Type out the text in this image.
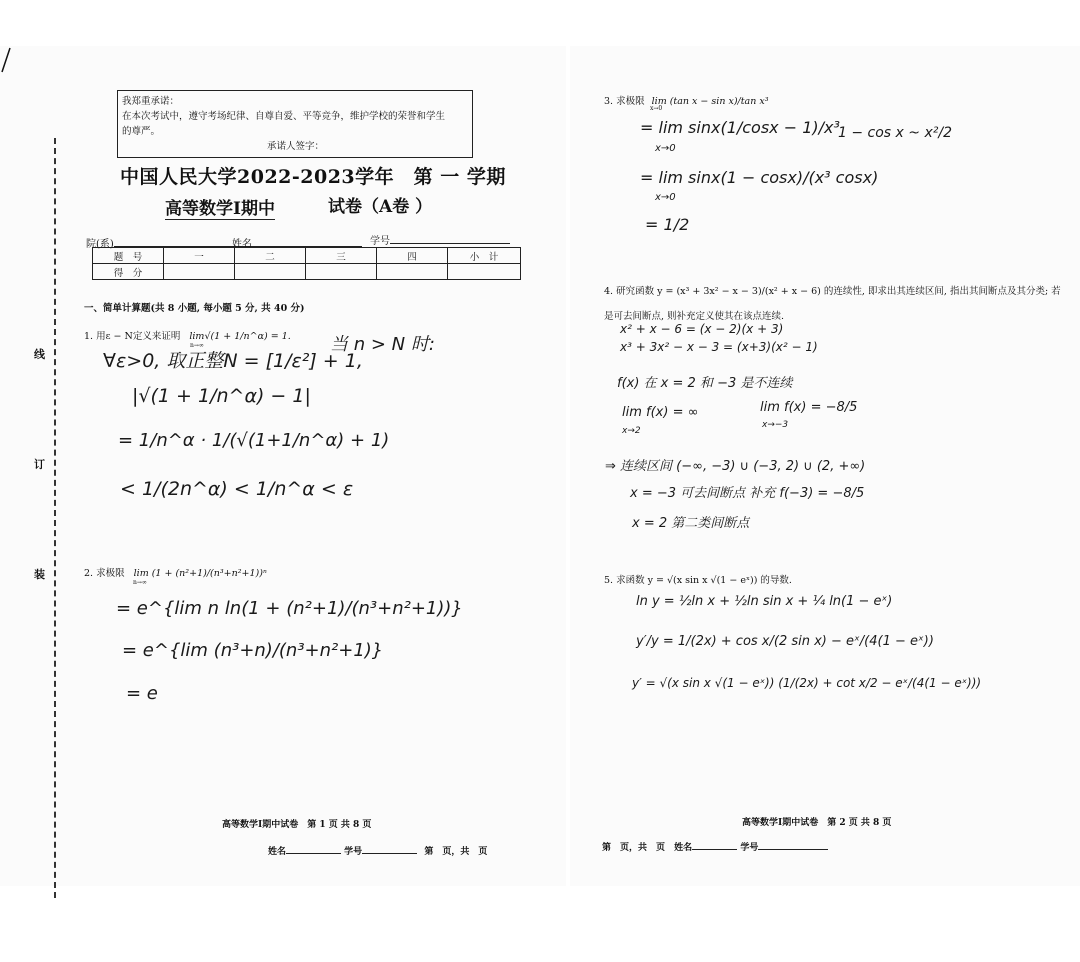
线
订
装
我郑重承诺：
在本次考试中，遵守考场纪律、自尊自爱、平等竞争，维护学校的荣誉和学生
的尊严。
承诺人签字：
中国人民大学2022-2023学年　第 一 学期
高等数学I期中	试卷（A卷 ）
院(系)	姓名	学号
题　号	一	二	三	四	小　计
得　分					
一、简单计算题(共 8 小题, 每小题 5 分, 共 40 分)
1. 用ε − N定义来证明 lim√(1 + 1/n^α) = 1.
n→∞	当 n > N 时:
∀ε>0, 取正整N = [1/ε²] + 1,
|√(1 + 1/n^α) − 1|
= 1/n^α · 1/(√(1+1/n^α) + 1)
< 1/(2n^α) < 1/n^α < ε
2. 求极限 lim (1 + (n²+1)/(n³+n²+1))ⁿ
n→∞
= e^{lim n ln(1 + (n²+1)/(n³+n²+1))}
= e^{lim (n³+n)/(n³+n²+1)}
= e
高等数学I期中试卷　第 1 页 共 8 页
姓名	学号	第　页，共　页
3. 求极限 lim (tan x − sin x)/tan x³
x→0
= lim sinx(1/cosx − 1)/x³
x→0
1 − cos x ~ x²/2
= lim sinx(1 − cosx)/(x³ cosx)
x→0
= 1/2
4. 研究函数 y = (x³ + 3x² − x − 3)/(x² + x − 6) 的连续性, 即求出其连续区间, 指出其间断点及其分类; 若
是可去间断点, 则补充定义使其在该点连续.
x² + x − 6 = (x − 2)(x + 3)
x³ + 3x² − x − 3 = (x+3)(x² − 1)
f(x) 在 x = 2 和 −3 是不连续
lim f(x) = ∞
x→2
lim f(x) = −8/5
x→−3
⇒ 连续区间 (−∞, −3) ∪ (−3, 2) ∪ (2, +∞)
x = −3 可去间断点 补充 f(−3) = −8/5
x = 2 第二类间断点
5. 求函数 y = √(x sin x √(1 − eˣ)) 的导数.
ln y = ½ln x + ½ln sin x + ¼ ln(1 − eˣ)
y′/y = 1/(2x) + cos x/(2 sin x) − eˣ/(4(1 − eˣ))
y′ = √(x sin x √(1 − eˣ)) (1/(2x) + cot x/2 − eˣ/(4(1 − eˣ)))
高等数学I期中试卷　第 2 页 共 8 页
第　页，共　页 姓名	学号
